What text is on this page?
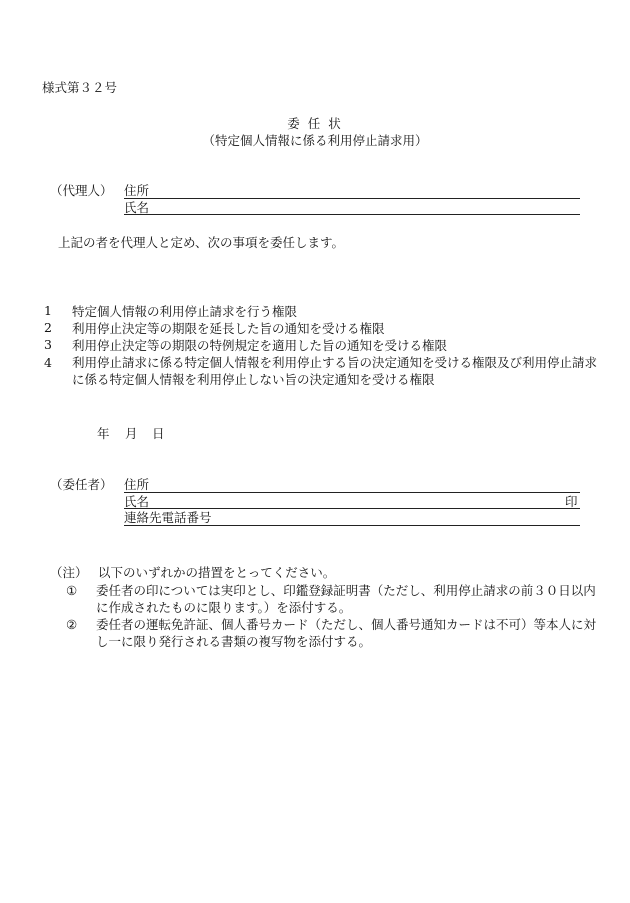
様式第３２号
委 任 状
（特定個人情報に係る利用停止請求用）
（代理人） 住所
氏名
上記の者を代理人と定め、次の事項を委任します。
1	特定個人情報の利用停止請求を行う権限
2	利用停止決定等の期限を延長した旨の通知を受ける権限
3	利用停止決定等の期限の特例規定を適用した旨の通知を受ける権限
4 利用停止請求に係る特定個人情報を利用停止する旨の決定通知を受ける権限及び利用停止請求に係る特定個人情報を利用停止しない旨の決定通知を受ける権限
年 月 日
（委任者） 住所
氏名	印
連絡先電話番号
（注） 以下のいずれかの措置をとってください。
① 委任者の印については実印とし、印鑑登録証明書（ただし、利用停止請求の前３０日以内に作成されたものに限ります。）を添付する。
② 委任者の運転免許証、個人番号カード（ただし、個人番号通知カードは不可）等本人に対し一に限り発行される書類の複写物を添付する。
